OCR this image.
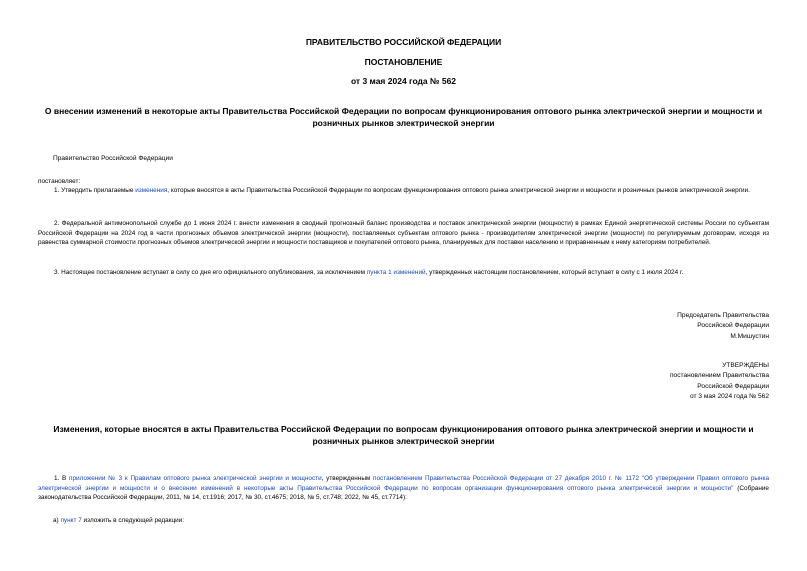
ПРАВИТЕЛЬСТВО РОССИЙСКОЙ ФЕДЕРАЦИИ
ПОСТАНОВЛЕНИЕ
от 3 мая 2024 года № 562
О внесении изменений в некоторые акты Правительства Российской Федерации по вопросам функционирования оптового рынка электрической энергии и мощности и розничных рынков электрической энергии
Правительство Российской Федерации
постановляет:
1. Утвердить прилагаемые изменения, которые вносятся в акты Правительства Российской Федерации по вопросам функционирования оптового рынка электрической энергии и мощности и розничных рынков электрической энергии.
2. Федеральной антимонопольной службе до 1 июня 2024 г. внести изменения в сводный прогнозный баланс производства и поставок электрической энергии (мощности) в рамках Единой энергетической системы России по субъектам Российской Федерации на 2024 год в части прогнозных объемов электрической энергии (мощности), поставляемых субъектам оптового рынка - производителям электрической энергии (мощности) по регулируемым договорам, исходя из равенства суммарной стоимости прогнозных объемов электрической энергии и мощности поставщиков и покупателей оптового рынка, планируемых для поставки населению и приравненным к нему категориям потребителей.
3. Настоящее постановление вступает в силу со дня его официального опубликования, за исключением пункта 1 изменений, утвержденных настоящим постановлением, который вступает в силу с 1 июля 2024 г.
Председатель Правительства
Российской Федерации
М.Мишустин
УТВЕРЖДЕНЫ
постановлением Правительства
Российской Федерации
от 3 мая 2024 года № 562
Изменения, которые вносятся в акты Правительства Российской Федерации по вопросам функционирования оптового рынка электрической энергии и мощности и розничных рынков электрической энергии
1. В приложении № 3 к Правилам оптового рынка электрической энергии и мощности, утвержденным постановлением Правительства Российской Федерации от 27 декабря 2010 г. № 1172 "Об утверждении Правил оптового рынка электрической энергии и мощности и о внесении изменений в некоторые акты Правительства Российской Федерации по вопросам организации функционирования оптового рынка электрической энергии и мощности" (Собрание законодательства Российской Федерации, 2011, № 14, ст.1916; 2017, № 30, ст.4675; 2018, № 5, ст.748; 2022, № 45, ст.7714):
а) пункт 7 изложить в следующей редакции:
